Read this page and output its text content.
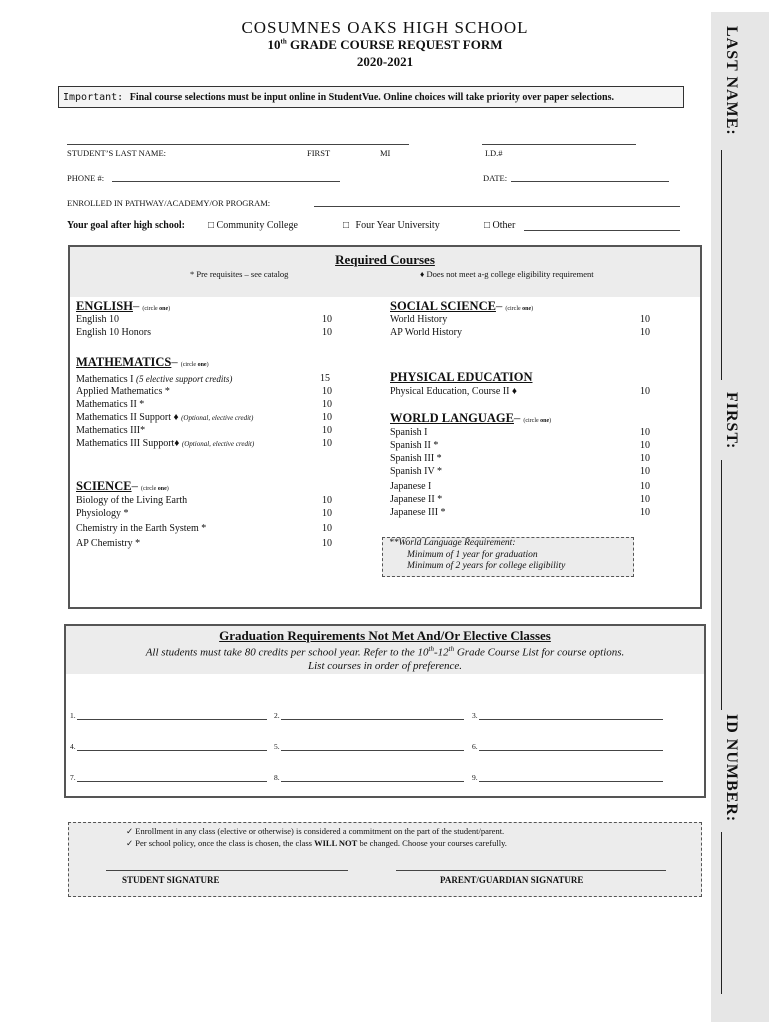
LAST NAME:
FIRST:
ID NUMBER:
COSUMNES OAKS HIGH SCHOOL
10th GRADE COURSE REQUEST FORM
2020-2021
Important: Final course selections must be input online in StudentVue. Online choices will take priority over paper selections.
STUDENT’S LAST NAME:	FIRST	MI	I.D.#
PHONE #:	DATE:
ENROLLED IN PATHWAY/ACADEMY/OR PROGRAM:
Your goal after high school: □ Community College	□ Four Year University	□ Other
Required Courses
* Pre requisites – see catalog	♦ Does not meet a-g college eligibility requirement
ENGLISH– (circle one)
English 10	10
English 10 Honors	10
MATHEMATICS– (circle one)
Mathematics I (5 elective support credits)	15
Applied Mathematics *	10
Mathematics II *	10
Mathematics II Support ♦ (Optional, elective credit)	10
Mathematics III*	10
Mathematics III Support♦ (Optional, elective credit)	10
SCIENCE– (circle one)
Biology of the Living Earth	10
Physiology *	10
Chemistry in the Earth System *	10
AP Chemistry *	10
SOCIAL SCIENCE– (circle one)
World History	10
AP World History	10
PHYSICAL EDUCATION
Physical Education, Course II ♦	10
WORLD LANGUAGE– (circle one)
Spanish I	10
Spanish II *	10
Spanish III *	10
Spanish IV *	10
Japanese I	10
Japanese II *	10
Japanese III *	10
**World Language Requirement:
Minimum of 1 year for graduation
Minimum of 2 years for college eligibility
Graduation Requirements Not Met And/Or Elective Classes
All students must take 80 credits per school year. Refer to the 10th-12th Grade Course List for course options.
List courses in order of preference.
1.	2.	3.
4.	5.	6.
7.	8.	9.
✓ Enrollment in any class (elective or otherwise) is considered a commitment on the part of the student/parent.
✓ Per school policy, once the class is chosen, the class WILL NOT be changed. Choose your courses carefully.
STUDENT SIGNATURE	PARENT/GUARDIAN SIGNATURE
